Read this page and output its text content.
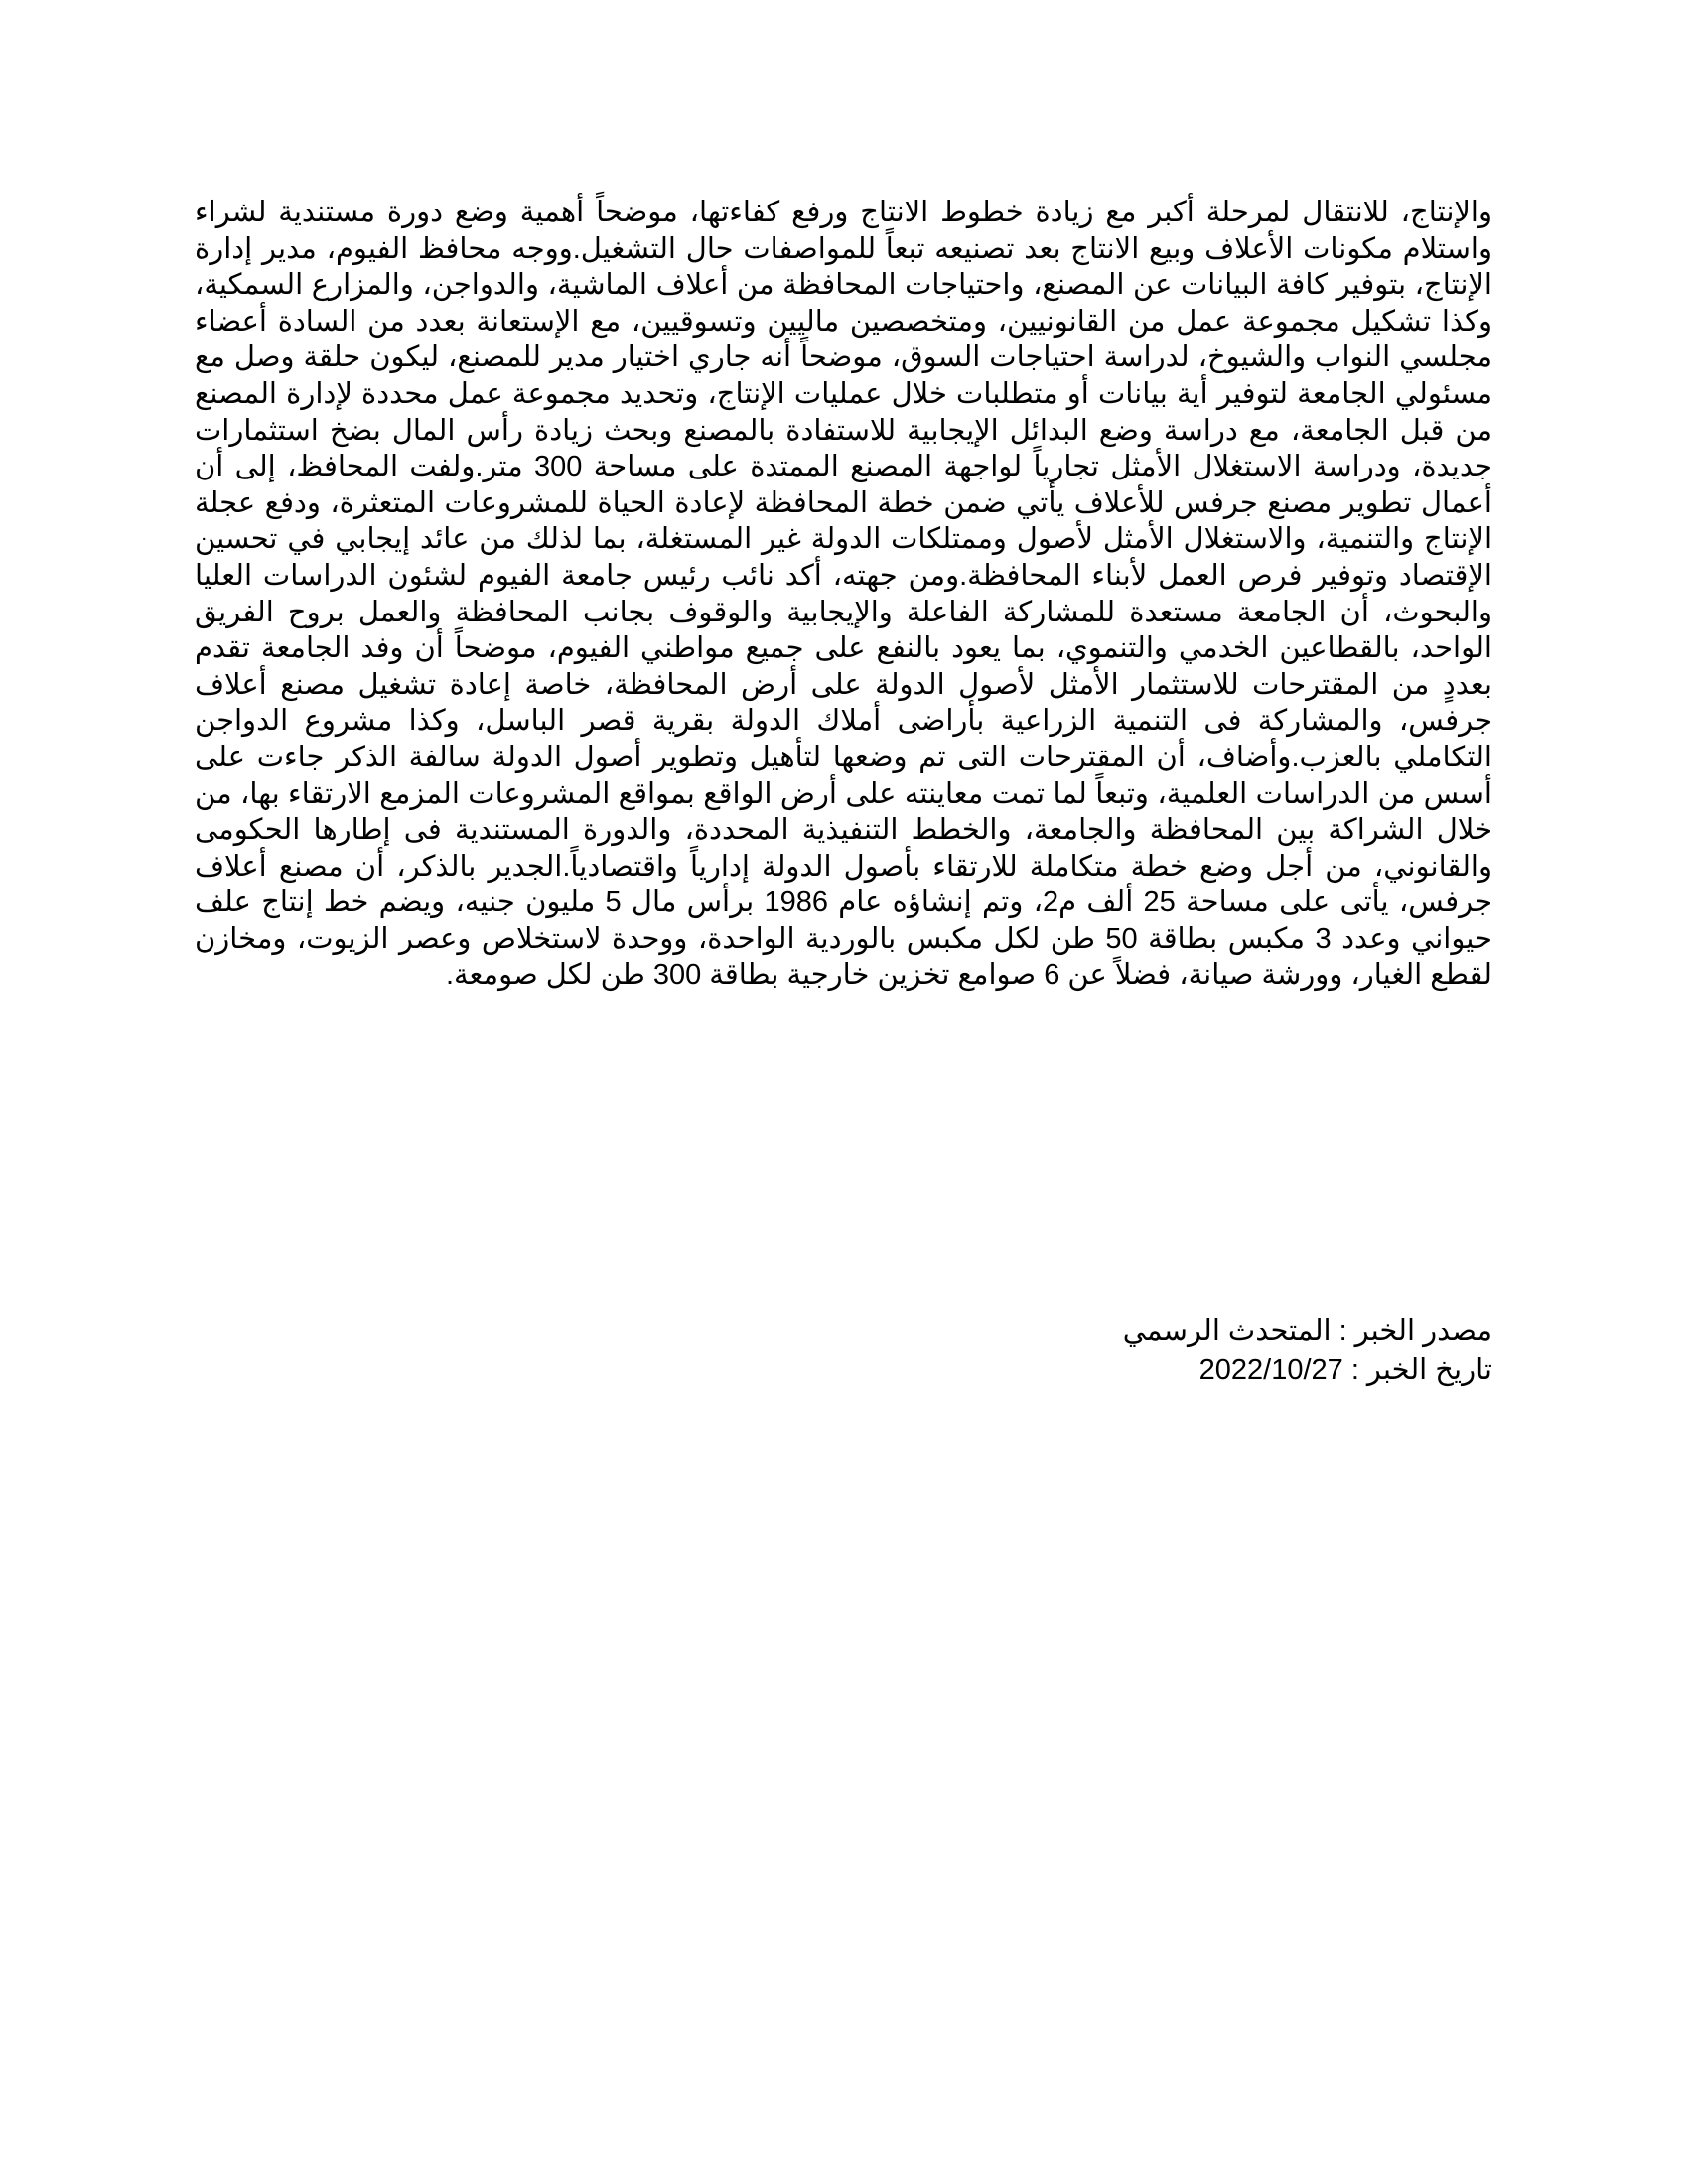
والإنتاج، للانتقال لمرحلة أكبر مع زيادة خطوط الانتاج ورفع كفاءتها، موضحاً أهمية وضع دورة مستندية لشراء واستلام مكونات الأعلاف وبيع الانتاج بعد تصنيعه تبعاً للمواصفات حال التشغيل.ووجه محافظ الفيوم، مدير إدارة الإنتاج، بتوفير كافة البيانات عن المصنع، واحتياجات المحافظة من أعلاف الماشية، والدواجن، والمزارع السمكية، وكذا تشكيل مجموعة عمل من القانونيين، ومتخصصين ماليين وتسوقيين، مع الإستعانة بعدد من السادة أعضاء مجلسي النواب والشيوخ، لدراسة احتياجات السوق، موضحاً أنه جاري اختيار مدير للمصنع، ليكون حلقة وصل مع مسئولي الجامعة لتوفير أية بيانات أو متطلبات خلال عمليات الإنتاج، وتحديد مجموعة عمل محددة لإدارة المصنع من قبل الجامعة، مع دراسة وضع البدائل الإيجابية للاستفادة بالمصنع وبحث زيادة رأس المال بضخ استثمارات جديدة، ودراسة الاستغلال الأمثل تجارياً لواجهة المصنع الممتدة على مساحة 300 متر.ولفت المحافظ، إلى أن أعمال تطوير مصنع جرفس للأعلاف يأتي ضمن خطة المحافظة لإعادة الحياة للمشروعات المتعثرة، ودفع عجلة الإنتاج والتنمية، والاستغلال الأمثل لأصول وممتلكات الدولة غير المستغلة، بما لذلك من عائد إيجابي في تحسين الإقتصاد وتوفير فرص العمل لأبناء المحافظة.ومن جهته، أكد نائب رئيس جامعة الفيوم لشئون الدراسات العليا والبحوث، أن الجامعة مستعدة للمشاركة الفاعلة والإيجابية والوقوف بجانب المحافظة والعمل بروح الفريق الواحد، بالقطاعين الخدمي والتنموي، بما يعود بالنفع على جميع مواطني الفيوم، موضحاً أن وفد الجامعة تقدم بعددٍ من المقترحات للاستثمار الأمثل لأصول الدولة على أرض المحافظة، خاصة إعادة تشغيل مصنع أعلاف جرفس، والمشاركة فى التنمية الزراعية بأراضى أملاك الدولة بقرية قصر الباسل، وكذا مشروع الدواجن التكاملي بالعزب.وأضاف، أن المقترحات التى تم وضعها لتأهيل وتطوير أصول الدولة سالفة الذكر جاءت على أسس من الدراسات العلمية، وتبعاً لما تمت معاينته على أرض الواقع بمواقع المشروعات المزمع الارتقاء بها، من خلال الشراكة بين المحافظة والجامعة، والخطط التنفيذية المحددة، والدورة المستندية فى إطارها الحكومى والقانوني، من أجل وضع خطة متكاملة للارتقاء بأصول الدولة إدارياً واقتصادياً.الجدير بالذكر، أن مصنع أعلاف جرفس، يأتى على مساحة 25 ألف م2، وتم إنشاؤه عام 1986 برأس مال 5 مليون جنيه، ويضم خط إنتاج علف حيواني وعدد 3 مكبس بطاقة 50 طن لكل مكبس بالوردية الواحدة، ووحدة لاستخلاص وعصر الزيوت، ومخازن لقطع الغيار، وورشة صيانة، فضلاً عن 6 صوامع تخزين خارجية بطاقة 300 طن لكل صومعة.

مصدر الخبر:المتحدث الرسمي
تاريخ الخبر:2022/10/27
